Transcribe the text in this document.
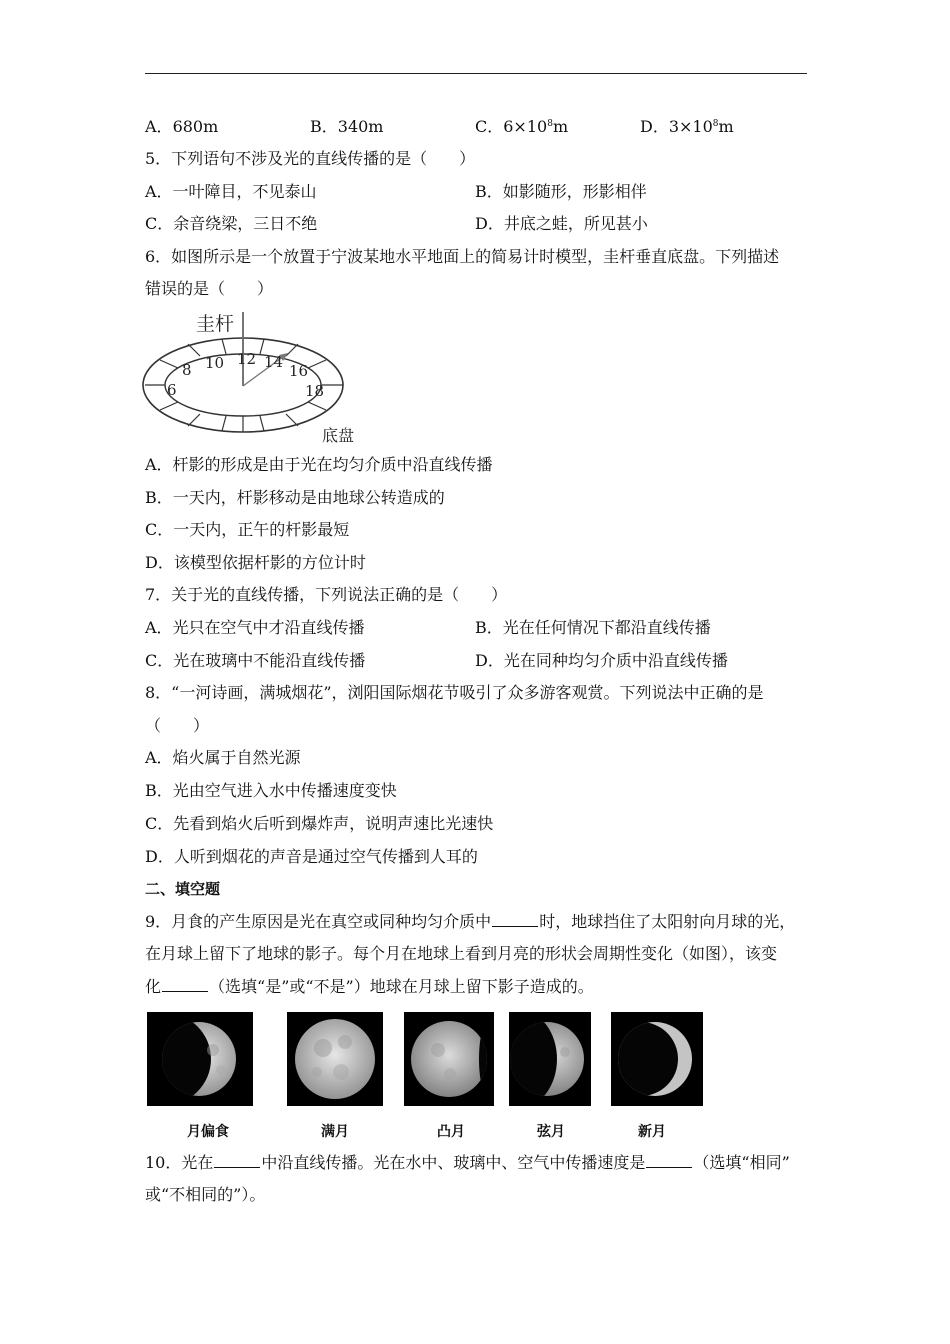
A．680m	B．340m	C．$6\times 10^8m$	D．$3\times 10^8m$
5．下列语句不涉及光的直线传播的是（　　）
A．一叶障目，不见泰山	B．如影随形，形影相伴
C．余音绕梁，三日不绝	D．井底之蛙，所见甚小
6．如图所示是一个放置于宁波某地水平地面上的简易计时模型，圭杆垂直底盘。下列描述
错误的是（　　）
圭杆
底盘
6
8 10 12 14 16
18
A．杆影的形成是由于光在均匀介质中沿直线传播
B．一天内，杆影移动是由地球公转造成的
C．一天内，正午的杆影最短
D．该模型依据杆影的方位计时
7．关于光的直线传播，下列说法正确的是（　　）
A．光只在空气中才沿直线传播	B．光在任何情况下都沿直线传播
C．光在玻璃中不能沿直线传播	D．光在同种均匀介质中沿直线传播
8．“一河诗画，满城烟花”，浏阳国际烟花节吸引了众多游客观赏。下列说法中正确的是
（　　）
A．焰火属于自然光源
B．光由空气进入水中传播速度变快
C．先看到焰火后听到爆炸声，说明声速比光速快
D．人听到烟花的声音是通过空气传播到人耳的
二、填空题
9．月食的产生原因是光在真空或同种均匀介质中	时，地球挡住了太阳射向月球的光，
在月球上留下了地球的影子。每个月在地球上看到月亮的形状会周期性变化（如图），该变
化	（选填“是”或“不是”）地球在月球上留下影子造成的。
月偏食	满月	凸月	弦月	新月
10．光在	中沿直线传播。光在水中、玻璃中、空气中传播速度是	（选填“相同”
或“不相同的”）。
